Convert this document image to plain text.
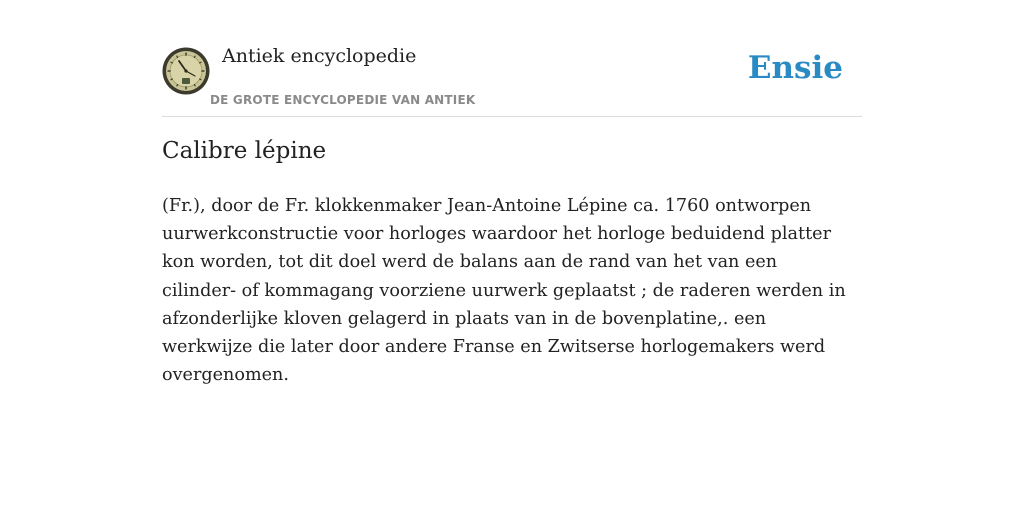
Antiek encyclopedie
DE GROTE ENCYCLOPEDIE VAN ANTIEK
Ensie
Calibre lépine

(Fr.), door de Fr. klokkenmaker Jean-Antoine Lépine ca. 1760 ontworpen uurwerkconstructie voor horloges waardoor het horloge beduidend platter kon worden, tot dit doel werd de balans aan de rand van het van een cilinder- of kommagang voorziene uurwerk geplaatst ; de raderen werden in afzonderlijke kloven gelagerd in plaats van in de bovenplatine,. een werkwijze die later door andere Franse en Zwitserse horlogemakers werd overgenomen.
